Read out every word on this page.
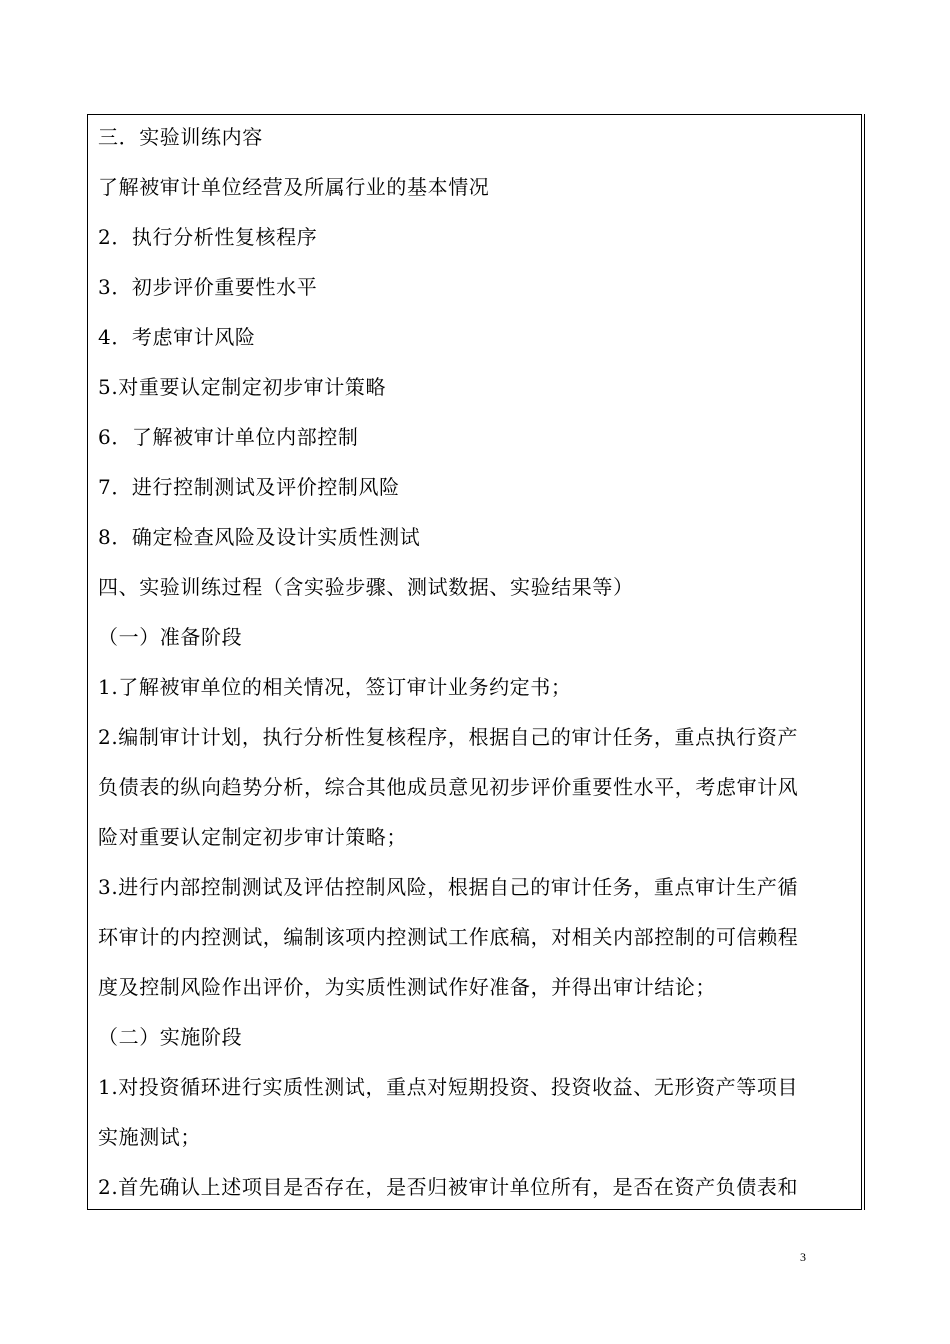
三．实验训练内容
了解被审计单位经营及所属行业的基本情况
2．执行分析性复核程序
3．初步评价重要性水平
4．考虑审计风险
5.对重要认定制定初步审计策略
6．了解被审计单位内部控制
7．进行控制测试及评价控制风险
8．确定检查风险及设计实质性测试
四、实验训练过程（含实验步骤、测试数据、实验结果等）
（一）准备阶段
1.了解被审单位的相关情况，签订审计业务约定书；
2.编制审计计划，执行分析性复核程序，根据自己的审计任务，重点执行资产
负债表的纵向趋势分析，综合其他成员意见初步评价重要性水平，考虑审计风
险对重要认定制定初步审计策略；
3.进行内部控制测试及评估控制风险，根据自己的审计任务，重点审计生产循
环审计的内控测试，编制该项内控测试工作底稿，对相关内部控制的可信赖程
度及控制风险作出评价，为实质性测试作好准备，并得出审计结论；
（二）实施阶段
1.对投资循环进行实质性测试，重点对短期投资、投资收益、无形资产等项目
实施测试；
2.首先确认上述项目是否存在，是否归被审计单位所有，是否在资产负债表和
3
